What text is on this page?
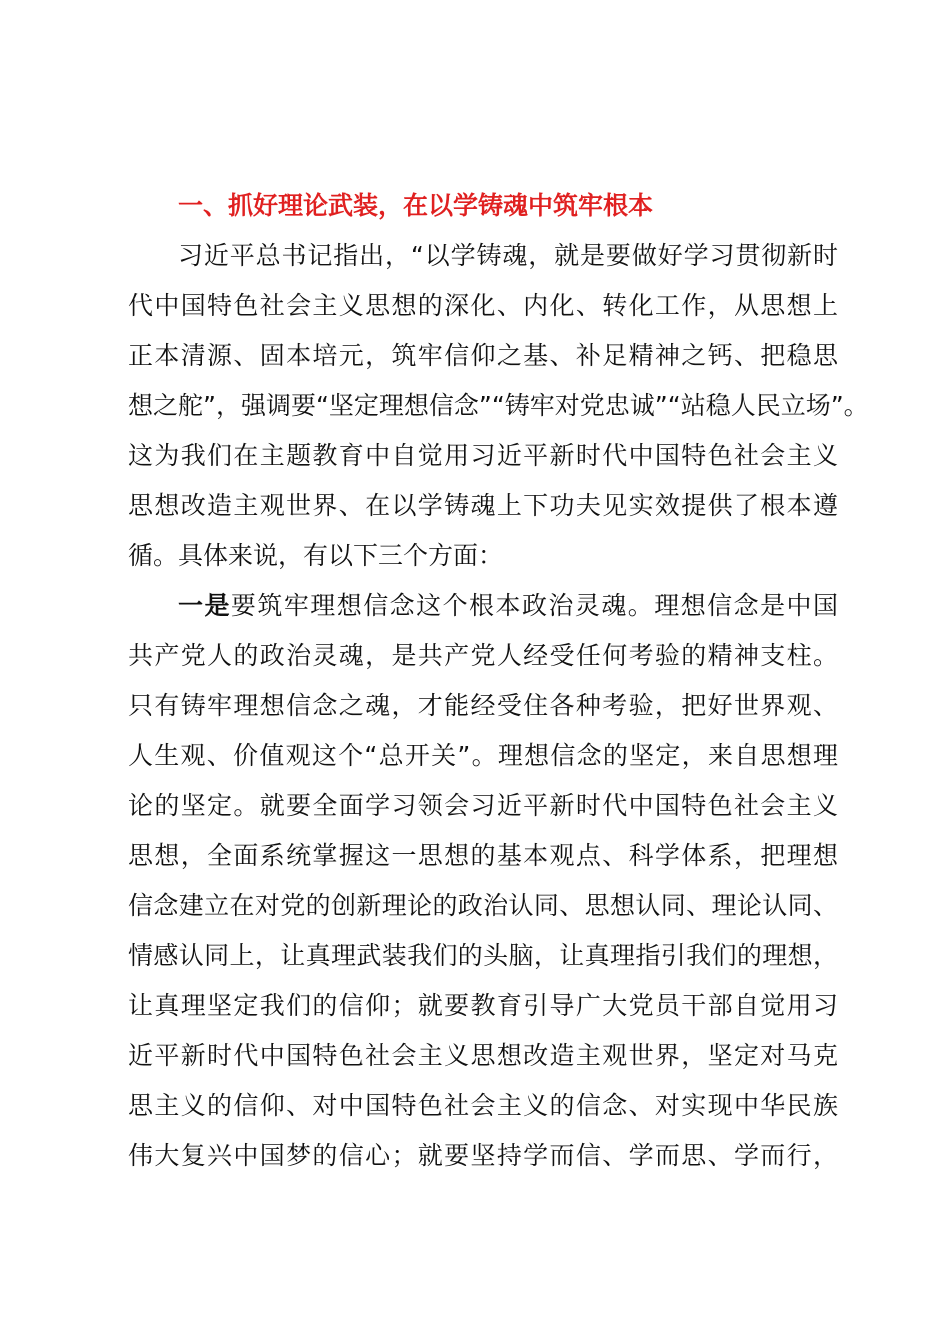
一、抓好理论武装，在以学铸魂中筑牢根本
习近平总书记指出，“以学铸魂，就是要做好学习贯彻新时
代中国特色社会主义思想的深化、内化、转化工作，从思想上
正本清源、固本培元，筑牢信仰之基、补足精神之钙、把稳思
想之舵”，强调要“坚定理想信念”“铸牢对党忠诚”“站稳人民立场”。
这为我们在主题教育中自觉用习近平新时代中国特色社会主义
思想改造主观世界、在以学铸魂上下功夫见实效提供了根本遵
循。具体来说，有以下三个方面：
一是要筑牢理想信念这个根本政治灵魂。理想信念是中国
共产党人的政治灵魂，是共产党人经受任何考验的精神支柱。
只有铸牢理想信念之魂，才能经受住各种考验，把好世界观、
人生观、价值观这个“总开关”。理想信念的坚定，来自思想理
论的坚定。就要全面学习领会习近平新时代中国特色社会主义
思想，全面系统掌握这一思想的基本观点、科学体系，把理想
信念建立在对党的创新理论的政治认同、思想认同、理论认同、
情感认同上，让真理武装我们的头脑，让真理指引我们的理想，
让真理坚定我们的信仰；就要教育引导广大党员干部自觉用习
近平新时代中国特色社会主义思想改造主观世界，坚定对马克
思主义的信仰、对中国特色社会主义的信念、对实现中华民族
伟大复兴中国梦的信心；就要坚持学而信、学而思、学而行，
